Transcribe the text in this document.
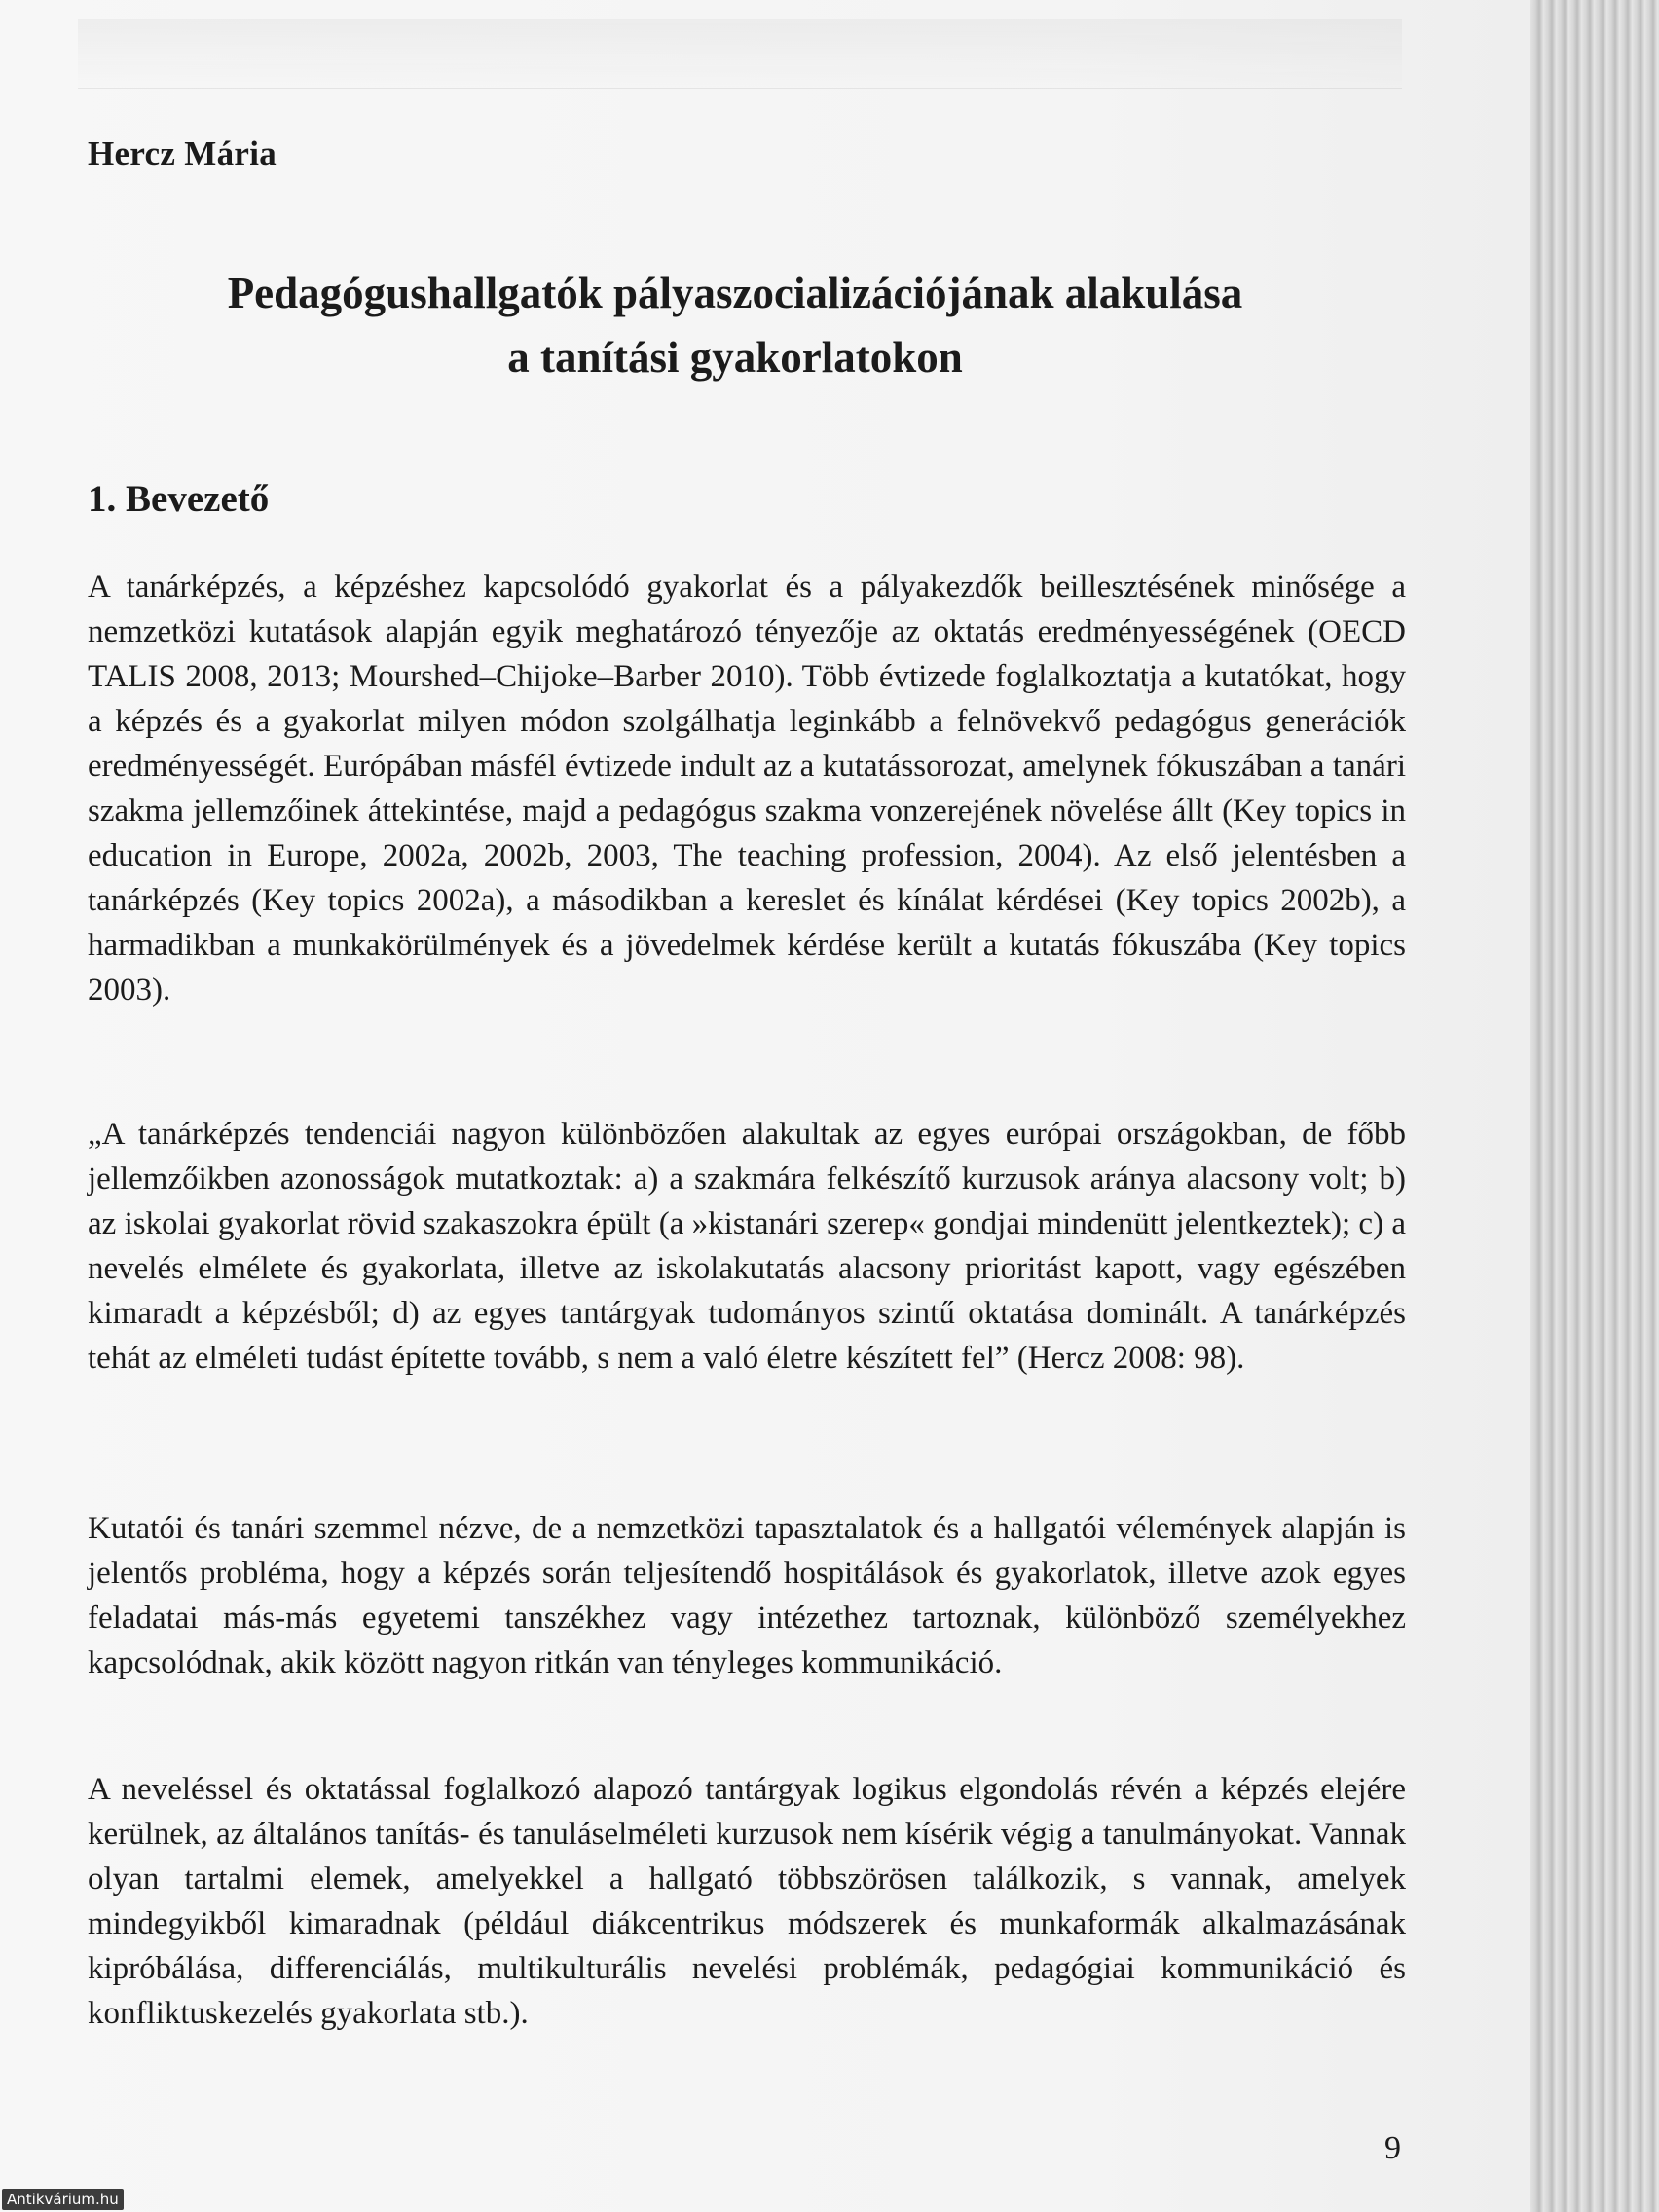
Hercz Mária
Pedagógushallgatók pályaszocializációjának alakulása
a tanítási gyakorlatokon
1. Bevezető

A tanárképzés, a képzéshez kapcsolódó gyakorlat és a pályakezdők beillesztésének minősége a nemzetközi kutatások alapján egyik meghatározó tényezője az oktatás eredményességének (OECD TALIS 2008, 2013; Mourshed–Chijoke–Barber 2010). Több évtizede foglalkoztatja a kutatókat, hogy a képzés és a gyakorlat milyen módon szolgálhatja leginkább a felnövekvő pedagógus generációk eredményességét. Európában másfél évtizede indult az a kutatássorozat, amelynek fókuszában a tanári szakma jellemzőinek áttekintése, majd a pedagógus szakma vonzerejének növelése állt (Key topics in education in Europe, 2002a, 2002b, 2003, The teaching profession, 2004). Az első jelentésben a tanárképzés (Key topics 2002a), a másodikban a kereslet és kínálat kérdései (Key topics 2002b), a harmadikban a munkakörülmények és a jövedelmek kérdése került a kutatás fókuszába (Key topics 2003).

„A tanárképzés tendenciái nagyon különbözően alakultak az egyes európai országokban, de főbb jellemzőikben azonosságok mutatkoztak: a) a szakmára felkészítő kurzusok aránya alacsony volt; b) az iskolai gyakorlat rövid szakaszokra épült (a »kistanári szerep« gondjai mindenütt jelentkeztek); c) a nevelés elmélete és gyakorlata, illetve az iskolakutatás alacsony prioritást kapott, vagy egészében kimaradt a képzésből; d) az egyes tantárgyak tudományos szintű oktatása dominált. A tanárképzés tehát az elméleti tudást építette tovább, s nem a való életre készített fel” (Hercz 2008: 98).

Kutatói és tanári szemmel nézve, de a nemzetközi tapasztalatok és a hallgatói vélemények alapján is jelentős probléma, hogy a képzés során teljesítendő hospitálások és gyakorlatok, illetve azok egyes feladatai más-más egyetemi tanszékhez vagy intézethez tartoznak, különböző személyekhez kapcsolódnak, akik között nagyon ritkán van tényleges kommunikáció.

A neveléssel és oktatással foglalkozó alapozó tantárgyak logikus elgondolás révén a képzés elejére kerülnek, az általános tanítás- és tanuláselméleti kurzusok nem kísérik végig a tanulmányokat. Vannak olyan tartalmi elemek, amelyekkel a hallgató többszörösen találkozik, s vannak, amelyek mindegyikből kimaradnak (például diákcentrikus módszerek és munkaformák alkalmazásának kipróbálása, differenciálás, multikulturális nevelési problémák, pedagógiai kommunikáció és konfliktuskezelés gyakorlata stb.).

9
Antikvárium.hu
